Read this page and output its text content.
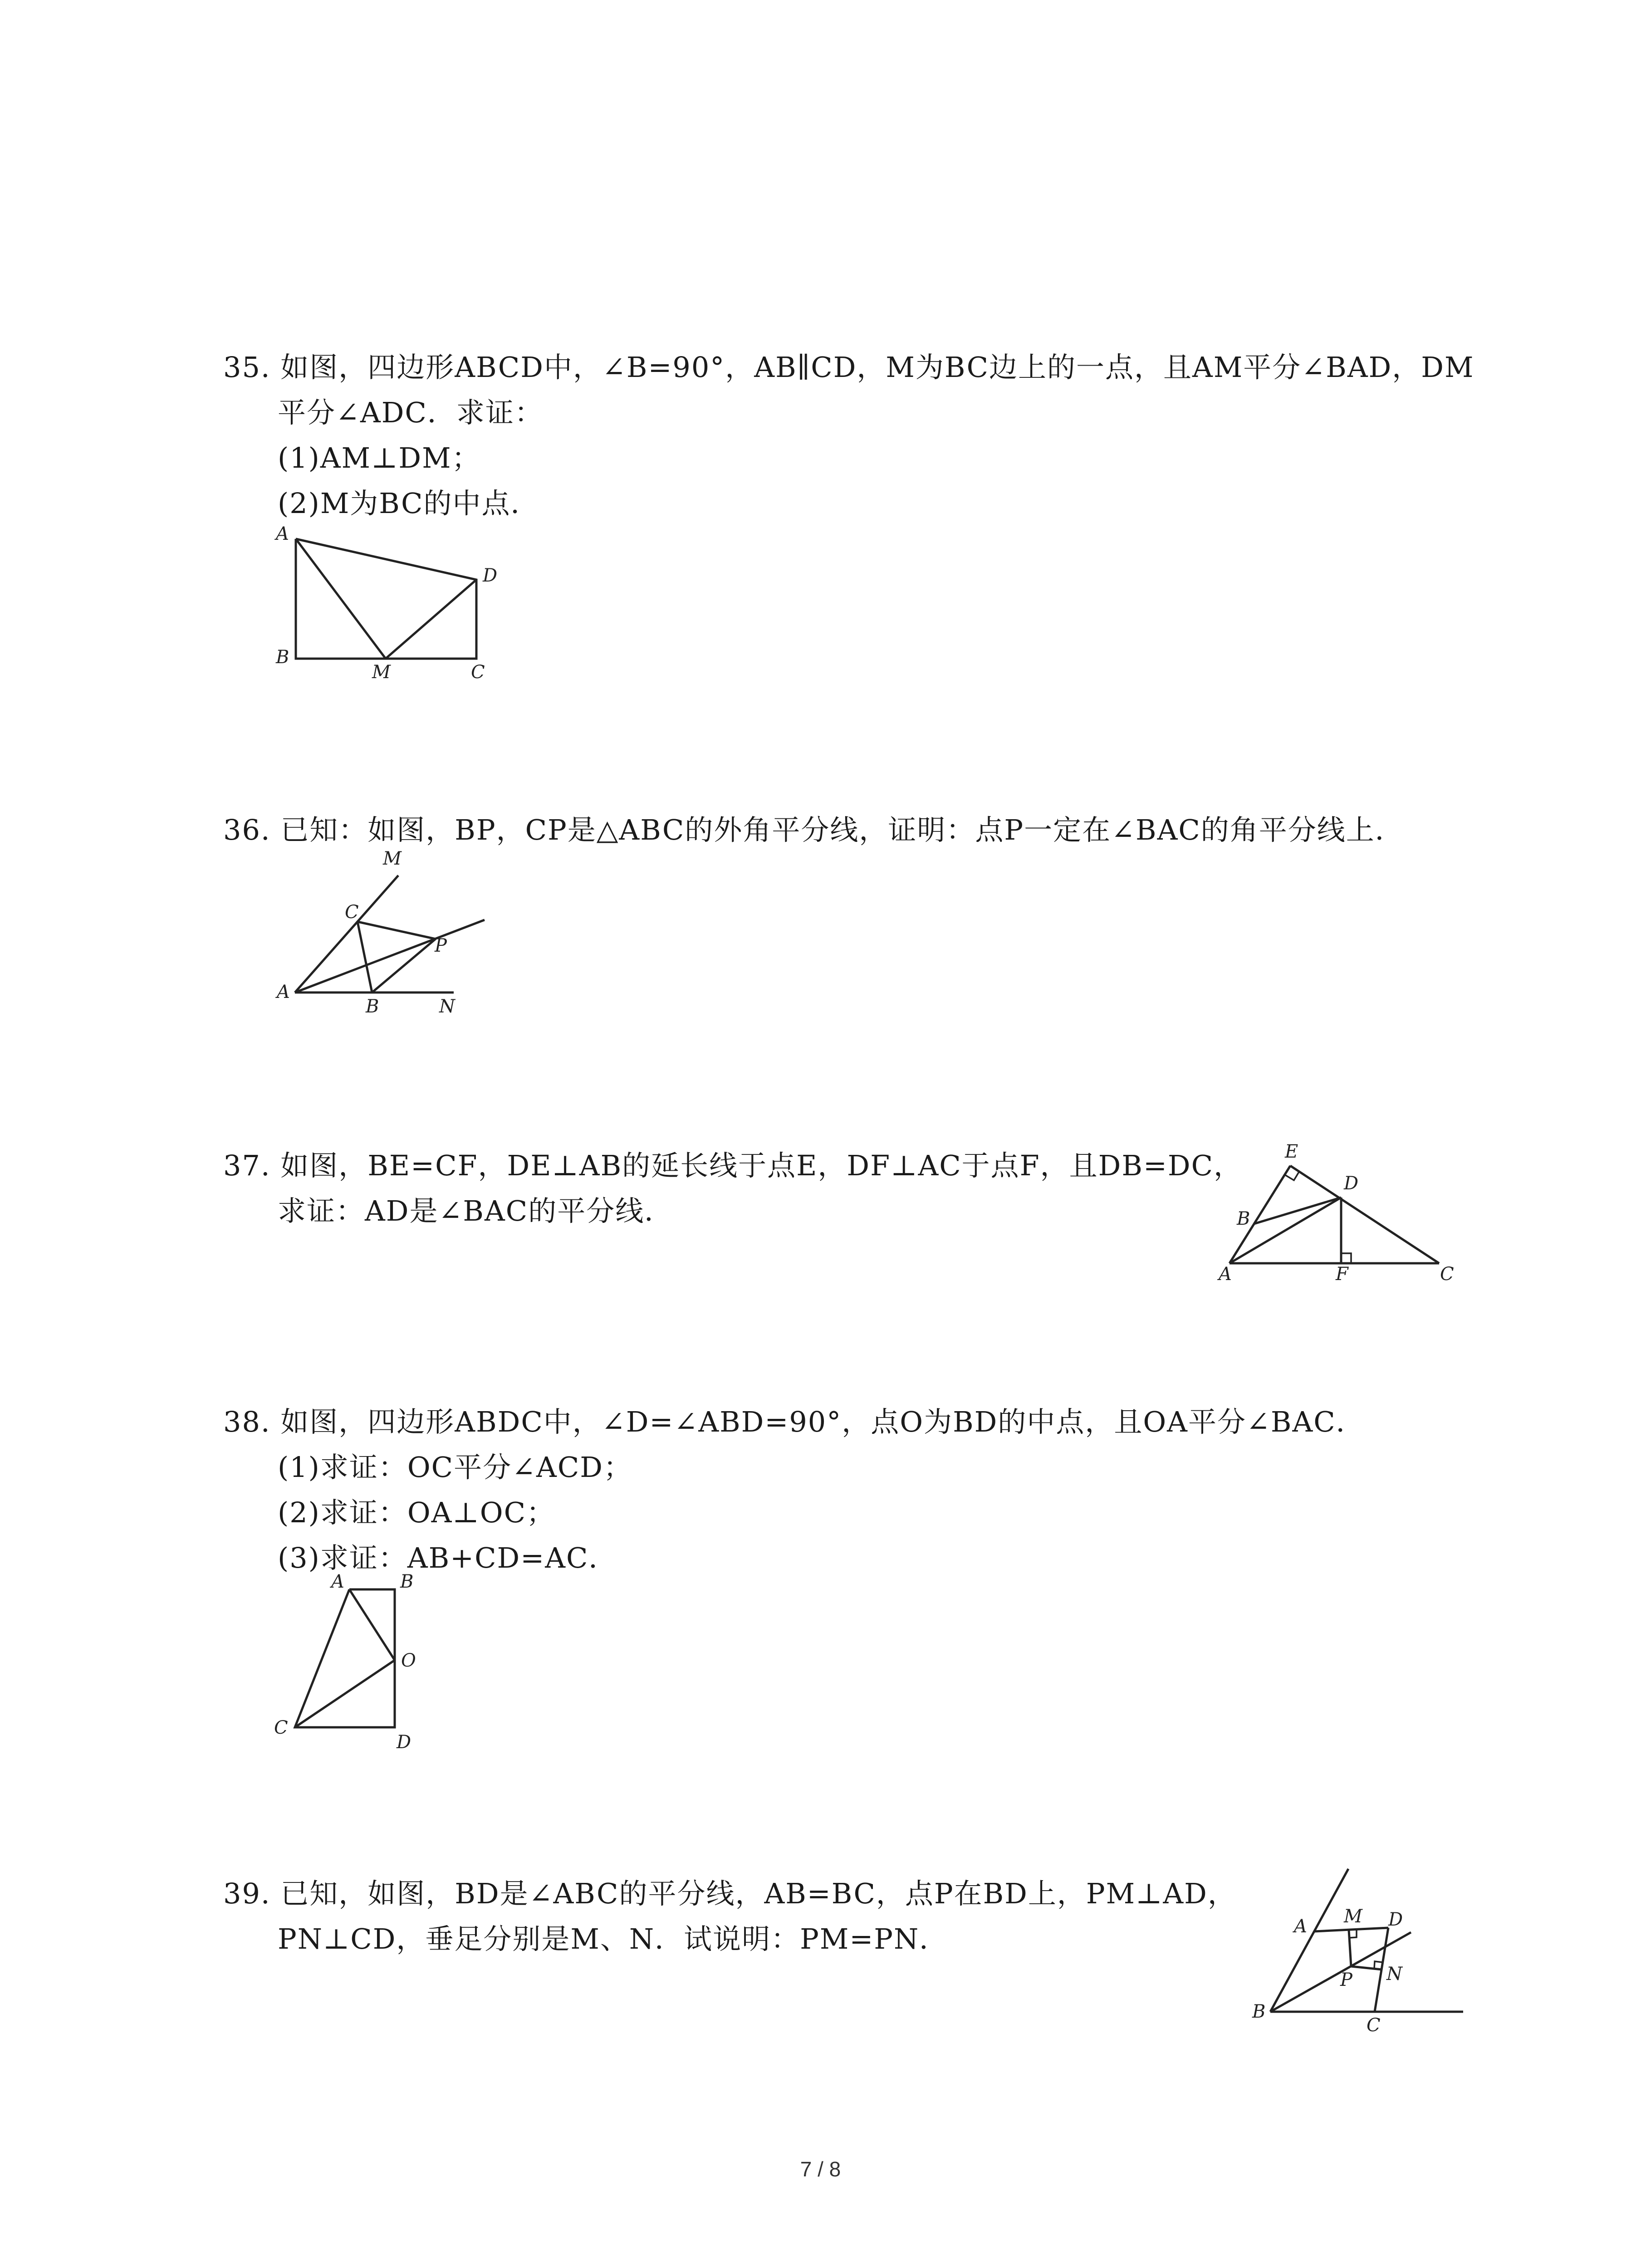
35. 如图，四边形ABCD中，∠B=90°，AB∥CD，M为BC边上的一点，且AM平分∠BAD，DM
平分∠ADC．求证：
(1)AM⊥DM；
(2)M为BC的中点．
A
B
M	C
D
36. 已知：如图，BP，CP是△ABC的外角平分线，证明：点P一定在∠BAC的角平分线上．
M
C
P
A
B	N
37. 如图，BE=CF，DE⊥AB的延长线于点E，DF⊥AC于点F，且DB=DC，
求证：AD是∠BAC的平分线．
E
D
B
A	F	C
38. 如图，四边形ABDC中，∠D=∠ABD=90°，点O为BD的中点，且OA平分∠BAC．
(1)求证：OC平分∠ACD；
(2)求证：OA⊥OC；
(3)求证：AB+CD=AC．
A	B
O
C
D
39. 已知，如图，BD是∠ABC的平分线，AB=BC，点P在BD上，PM⊥AD，
PN⊥CD，垂足分别是M、N．试说明：PM=PN．	A M D
P N
B
C
7 / 8
